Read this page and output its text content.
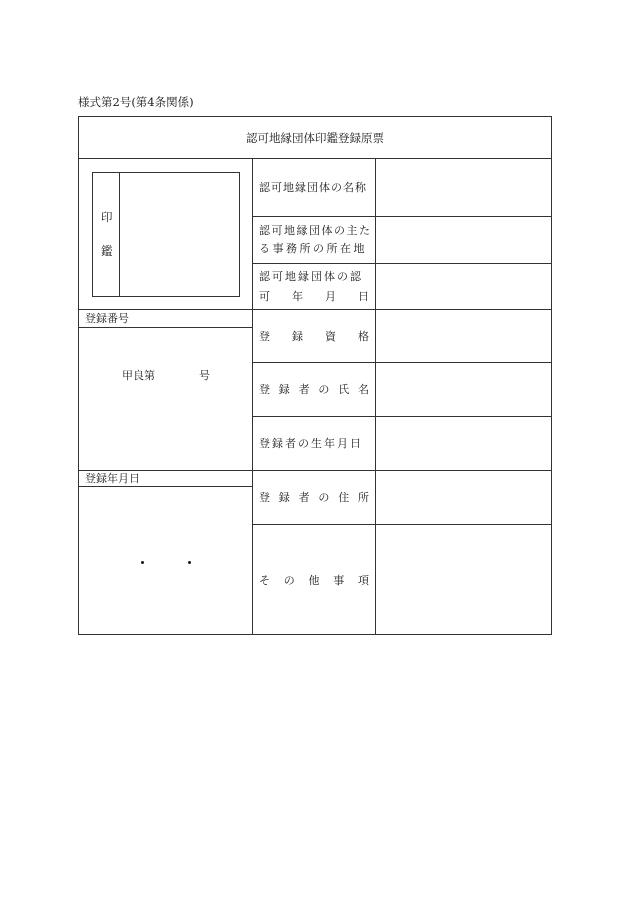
様式第2号(第4条関係)
認可地縁団体印鑑登録原票
印
鑑
登録番号
甲良第	号
登録年月日
認可地縁団体の名称
認可地縁団体の主た
る事務所の所在地
認可地縁団体の認
可 年 月 日
登 録 資 格
登 録 者 の 氏 名
登録者の生年月日
登 録 者 の 住 所
そ の 他 事 項
